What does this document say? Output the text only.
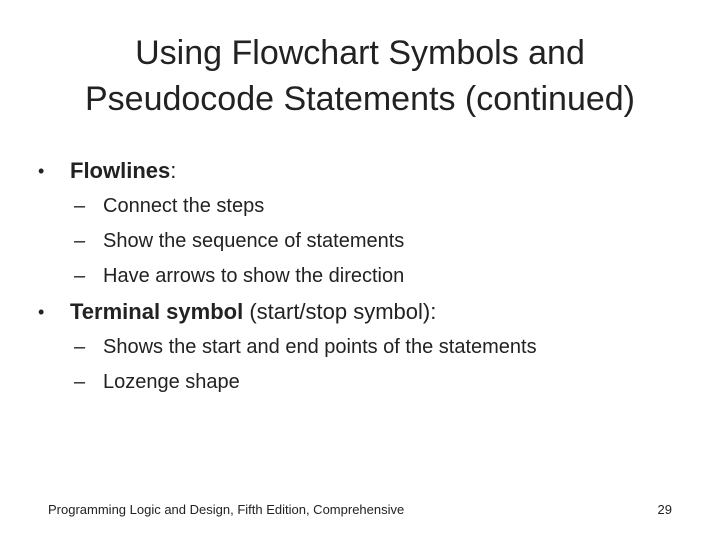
Using Flowchart Symbols and
Pseudocode Statements (continued)
• Flowlines:
– Connect the steps
– Show the sequence of statements
– Have arrows to show the direction
• Terminal symbol (start/stop symbol):
– Shows the start and end points of the statements
– Lozenge shape
Programming Logic and Design, Fifth Edition, Comprehensive	29
